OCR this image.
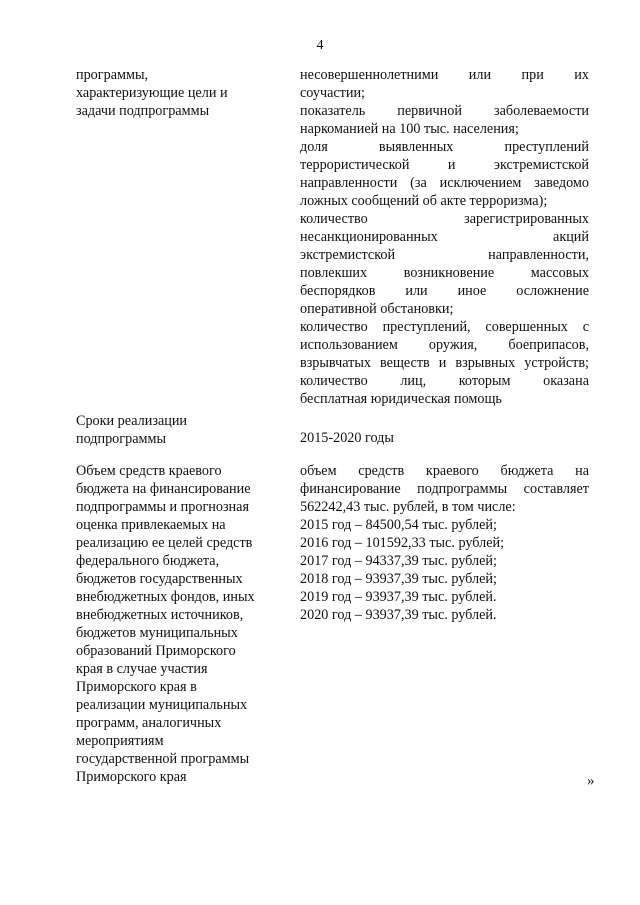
4
программы,
характеризующие цели и
задачи подпрограммы
несовершеннолетними или при их
соучастии;
показатель первичной заболеваемости
наркоманией на 100 тыс. населения;
доля выявленных преступлений
террористической и экстремистской
направленности (за исключением заведомо
ложных сообщений об акте терроризма);
количество зарегистрированных
несанкционированных акций
экстремистской направленности,
повлекших возникновение массовых
беспорядков или иное осложнение
оперативной обстановки;
количество преступлений, совершенных с
использованием оружия, боеприпасов,
взрывчатых веществ и взрывных устройств;
количество лиц, которым оказана
бесплатная юридическая помощь
Сроки реализации
подпрограммы	2015-2020 годы
Объем средств краевого
бюджета на финансирование
подпрограммы и прогнозная
оценка привлекаемых на
реализацию ее целей средств
федерального бюджета,
бюджетов государственных
внебюджетных фондов, иных
внебюджетных источников,
бюджетов муниципальных
образований Приморского
края в случае участия
Приморского края в
реализации муниципальных
программ, аналогичных
мероприятиям
государственной программы
Приморского края
объем средств краевого бюджета на
финансирование подпрограммы составляет
562242,43 тыс. рублей, в том числе:
2015 год – 84500,54 тыс. рублей;
2016 год – 101592,33 тыс. рублей;
2017 год – 94337,39 тыс. рублей;
2018 год – 93937,39 тыс. рублей;
2019 год – 93937,39 тыс. рублей.
2020 год – 93937,39 тыс. рублей.
»
